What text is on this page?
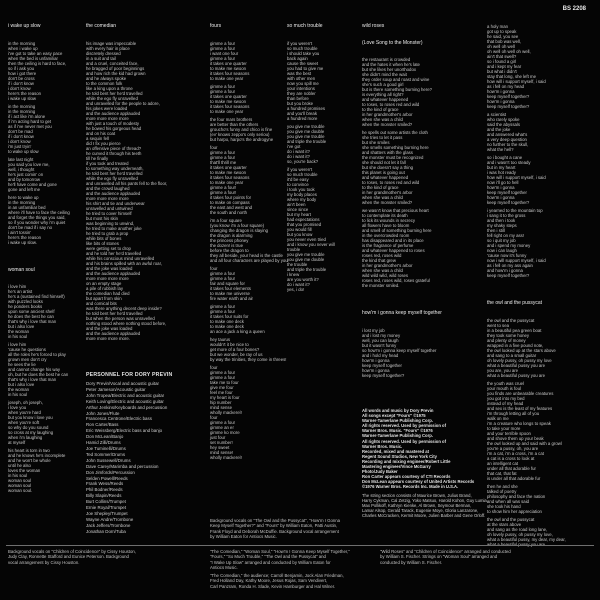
BS 2208

i wake up slow

in the morning
when i wake up
i've got to take an easy pace
when the bed is unfamiliar
then the ceiling is hard to face,
so if i ask you
how i got there
don't be cross
if i don't know
i don't know
here's the reason
i wake up slow

in the morning
in the morning
if i act like i'm alone
if i'm acting hard to get
as if i've never met you
don't be mad
if i don't know
i don't know
i'm just tryin'
to wake up slow

late last night
you said you love me,
well, i thought
he's just comin' on
and by tomorrow
he'll have come and gone
gone and left me

here to wake up
in the morning
in an unfamiliar bed
where i'll have to face the ceiling
and forget the things you said,
so if you wonder why i'm quiet
don't be mad if i say no
i ain't tossin'
here's the reason
i wake up slow.

woman soul

i love him
he's an artist
he's a (sustained find himself)
with puzzled looks
he ponders books
upon some ancient shelf
he does the best he can
that's why i love that man
but i also love
the woman
in his soul

i love him
'cause he questions
all the roles he's forced to play
grown men don't cry
he sees the lie
and cannot change his way
oh, but he does the best he can
that's why i love that man
but i also love
the woman
in his soul

joseph, oh joseph,
i love you
when you're hard
but you know i love you
when you're soft
so why do you sound
so cross at my laughing
when i'm laughing
at myself

his heart is torn in two
and he knows he's incomplete
and he won't be whole
until he also
loves the woman
in his soul
woman soul
woman soul
woman soul.

the comedian

his image was impeccable
with every hair in place
discretely dressed
in a suit and tail
and a cruel, conceited face,
he bragged of poor beginnings
and how rich the kid had grown
and he always spoke
to the common folk
like a king upon a throne
he told bent her he'd travelled
while the ego fly unravelled
and unravelled for the people to adore,
his jokes were loaded
and the audience applauded
more more more more
with just a touch of modesty
he bowed his gorgeous head
and on his coat
a sequin fell
did I fix you pierce
an offensive piece of thread?
he curved it through his teeth
till he finally
if you took and treated
to something way underneath,
he told bent her he'd travelled
while the ego fly unravelled
and unravelled all his pants fell to the floor,
and the crowd laughed
and the audience applauded
more more more more
his shirt and tie and underwear
unravelled and untwined
he tried to cover himself
but most his skin
was beginning to unwind,
he tried to make another joke
he tried to grab a prop
while bits of bones
like bits of stones
were getting set to drop
and he told her he'd travelled
while his conscious mind unravelled
and his brains spilled with an awful roar,
and the joke was loaded
and the audience applauded
more more more more
on an empty stage
a pile of rubbish lay
the comedian had died
but apart from skin
and comical bits
was there anything decent deep inside?
he told bent her he'd travelled
but when the person was unravelled
nothing stood where nothing stood before,
and the joke was loaded
and the audience applauded
more more more more.

fours

gimme a four
gimme a four
i want one four
gimme a four
it takes one quarter
to make me swoon
it takes four seasons
to make one year

gimme a four
gimme a four
it takes one quarter
to make me swoon
it takes four seasons
to make one year

the four mars brothers
are better than the others
groucho's funny and chico is fine
(ev' knows zeppo's only seriou)
but harpo, harpo's the androgyne

four
gimme a four
gimme a four
that'll thrill me
it takes one quarter
to make me swoon
it takes four seasons
to make one year
gimme a four!
gimme a four!
it takes four points for
to make on compass
the east and west and
the south and north

i'm a four square
(you know i'm a four square)
changing the dragon is slaying
the dragon is alarming
the princess phoney
the dozen! is true
before the dragon to
they all beside, your head is the castle
and all four characters are played by you

four
gimme a four
gimme a four
fair and square for
it takes four elements
to make me universe
fire water earth and air

gimme a four
gimme a four
it takes four suits for
to make one deck
to make one deck
an ace a jack a king a queen

hey taurus
wouldn't it be nice to
get more of a four bones?
but we wonder, be ray of us
by way the trinities, they come in threes!

four
gimme a four
gimme a four
take me to four
give me four
feel me four
my heart is four
hip number
mind sense
wholly mackerel!
four
gimme a four
gimme an er
gimme ko more
just four
set number!
hey sweet
mind sense!
wholly mackerel!

so much trouble

if you weren't
so much trouble
i should take you
back again
cause the sweet
you had to give me
was the best
with other men
now you spill me
your intentions
they are nobler
than before
but you broke
a hundred promises
and you'll break
a hundred more

you give me trouble
you give me double
you give me trouble
and triple the trouble
i've got
do i want it?
do i want it?
so, you're back?

if you weren't
so much trouble
it'd be easy
to convince
i took you took
my body places
where my body
ain't been
since since
but my heart
had expectations
that you promised
you would fill
but you know
you never even tried
and i know you never will
trouble
you give me trouble
you give me double
the trouble
and triple the trouble
i knew
are you worth it?
do i want it?
yes, i do!

wild roses

(Love Song to the Monster)

the restaurant is crowded
and the hates it when he's late
but she likes her unorthodox
she didn't mind the wait
they order soup and roast and wine
she's such a good girl
but is there something burning here?
is everything all right?
and whatever happened
to roses, to roses red and wild
to the kind of grace
in her grandmother's arbor
when she was a child
when the monster smiled?

he spells out some artists the cloth
she tries to let it pass
but she smiles
she smells something burning here
and shatters with the glass
the monster must be recognized
she should not let it fall
but she doesn't say a thing
this planet is going out
and whatever happened
to roses, to roses red and wild
to the kind of grace
in her grandmother's arbor
when she was a child
when the monster smiled?

we wasn't know that precious heart
to contemplate its death
to lick its wounds in secrecy
all flowers have to bloom
and smell of something burning here
in the overcrowded room
has disappeared and in its place
is the fragrance of perfume
and whatever happened to roses
roses red, roses wild
the kind that grew
in her grandmother's arbor
when she was a child
wild wild wild, wild roses
roses red, roses wild, roses grateful
the monster smiled.

how'm i gonna keep myself together

i lost my job
and i lost my money
well, you can laugh
but it wasn't funny
so how'm i gonna keep myself together
and i hold my head
how'm i gonna
keep myself together
how'm i gonna
keep myself together?

a holy man
got up to speak
he said, you see
that bob was well,
oh well oh well
oh well oh well oh well,
ain't that swell?
so i found a girl
and i kept my fear
but what i didn't
stay that long, she left me
how will i support myself, i said
as i fell on my head
how'm i gonna
keep myself together?
how'm i gonna
keep myself together?

a scientist
who rarely spoke
said the abyssals
and the joke
and answered what's
a very deep question
no further to the skull,
what the hell?

so i bought a cane
and i wasn't too steady
but in my heart
i was hot ready
how will i support myself, i said
now i'll go to hell
how'm i gonna
keep myself together
how'm i gonna
keep myself together?

i yearned to the mountain top
i sang it to the gross
and then i took
my shaky steps
then i still
fell right on my ass!
so i quit my job
and i spend my money
now i can laugh
'cause now it's funny
now i will support myself, i said
as i fell on my ass again
and how'm i gonna
keep myself together?

the owl and the pussycat

the owl and the pussycat
went to sea
in a beautiful pea green boat
they took some honey
and plenty of money
wrapped in a five pound note,
the owl looked up at the stars above
and sang to a small guitar
oh lovely pussy, oh pussy my love
what a beautiful pussy you are
you are, you are
what a beautiful pussy you are

the youth was cruel
your mouth is foul
you finds are unbearable creatures
you got into my bed
instead of my head
and sex is the least of my features
i'm through letting all of you
walk on me
i'm a creature who longs to speak
to take your more
and your terrible spoon
and shove them up your beak
the owl looked up and said with a growl
you're a pussy, oh, you are
i'm a cat, i'm a cross, i'm a cat
a cat is a cross to look at
an intelligent cat
under all that adorable fur
that cat, that fat
is under all that adorable fur

then he and she
talked of poetry
philosophy and face the nation
and when all was said
she took his hand
to show him her appreciation

the owl and the pussycat
at the stars above
and sang as the road long lane,
oh lovely pussy, oh pussy my love,
what a beautiful pussy, my dear, my dear,
what a beautiful pussy you are.

PERSONNEL FOR DORY PREVIN
Dory Previn/Vocal and acoustic guitar
Peter Jameson/Acoustic guitar
John Tropea/Electric and acoustic guitar
Keith Loving/Electric and acoustic guitar
Arthur Jenkins/Keyboards and percussion
John Jones/Flute
Francesca Centrone/Electric bass
Ron Carter/Bass
Eric Weissberg/Electric bass and banjo
Don McLean/Banjo
Hamid Zilli/Drums
Joe Tuminelli/Drums
Ted Sommer/Drums
John Sussewell/Drums
Dave Carey/Marimba and percussion
Don Jimfords/Percussion
Selden Powell/Reeds
Frank Wess/Reeds
Phil Bodner/Reeds
Billy Slapin/Reeds
Burt Collins/Trumpet
Ernie Royal/Trumpet
Joe Shepley/Trumpet
Wayne Andre/Trombone
Jack Jeffers/Trombone
Jonathan Dorn/Tuba
All words and music by Dory Previn
All songs except "Fours" ©1975
Warner-Tamerlane Publishing Corp.
All rights reserved. Used by permission of
Warner Bros. Music. "Fours" ©1976
Warner-Tamerlane Publishing Corp.
All rights reserved. Used by permission of
Warner Bros. Music.
Recorded, mixed and mastered at
Regent Sound Studios, New York City
Recording and mixing engineer/Robert Little
Mastering engineer/Vince McGarry
Photo/Judy Baker
Ron Carter appears courtesy of CTI Records
Don McLean appears courtesy of United Artists Records
©1976 Warner Bros. Records Inc. Made in U.S.A.

The string section consists of Maurice Brown, Julius Brand,
Harry Cykman, Cal Zetzig, Yoko Matsuo, Harold Kohon, Guy Lumia,
Max Pollikoff, Kathryn Kienke, Al Brown, Seymour Berman,
Lamar Alsop, Gerald Tarack, Eugenie Moye, Gloria Lanzarone,
Charles McCracken, Kermit Moore, Julien Barber and Gene Orloff.
Background vocals on "Children of Coincidence" by Cissy Houston,
Judy Clay, Ronnette Stafford and Eunice Peterson. Background
vocal arrangement by Cissy Houston.
"The Comedian," "Woman Soul," "How'm I Gonna Keep Myself Together,"
"Fours," "So Much Trouble," "The Owl and the Pussycat" and
"I Wake Up Slow" arranged and conducted by William Eaton for
Antiocs Music.

"The Comedian," the audience; Carroll Benjamin, Jock Alan Friedman,
Fred Holland Day, Kathy Moore, Jesus Rojas, Sam Vendivert,
Carl Panzram, Ronda H. Slade, Kevin Hamburger and Hal Wilner.
Background vocals on "The Owl and the Pussycat", "How'm I Gonna
Keep Myself Together?" and "Fours" by William Eaton, Patti Austin,
Frank Floyd and Deborah McDuffie. Background vocal arrangement
by William Eaton for Antiocs Music.
"Wild Roses" and "Children of Coincidence" arranged and conducted
by William S. Fischer. Strings on "Woman Soul" arranged and
conducted by William S. Fischer.
